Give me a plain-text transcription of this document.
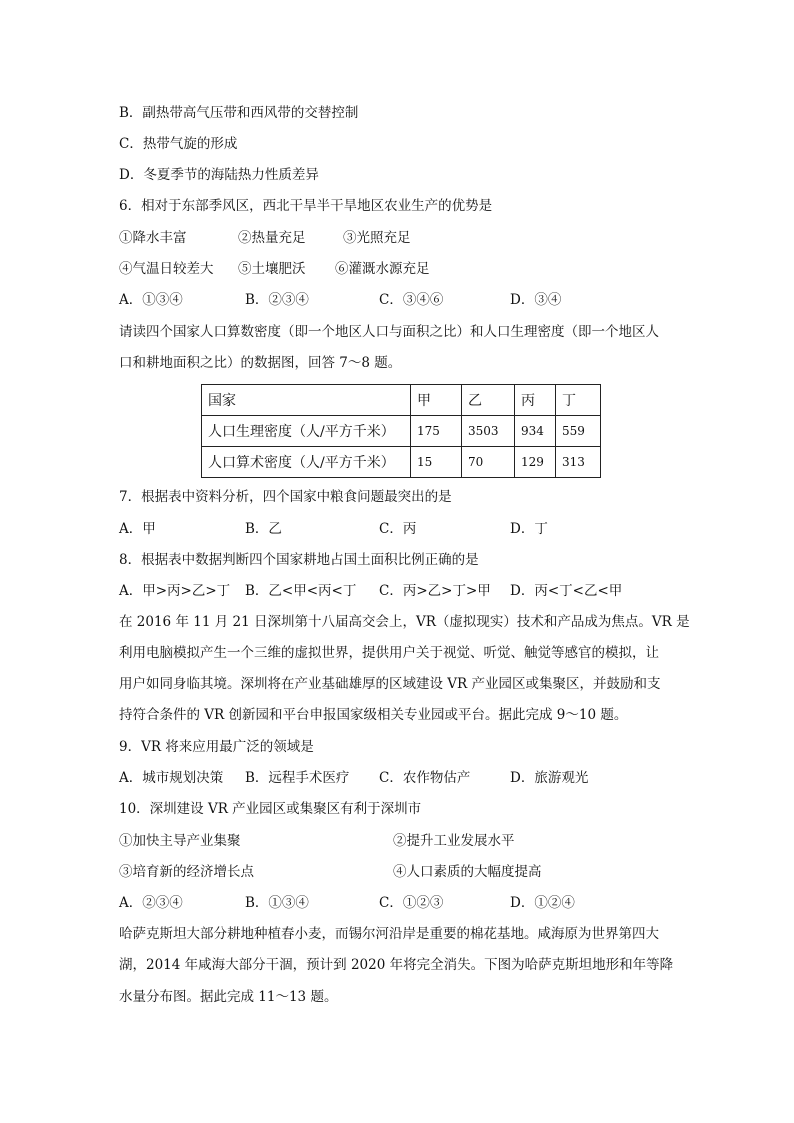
B．副热带高气压带和西风带的交替控制
C．热带气旋的形成
D．冬夏季节的海陆热力性质差异
6．相对于东部季风区，西北干旱半干旱地区农业生产的优势是
①降水丰富	②热量充足	③光照充足
④气温日较差大 ⑤土壤肥沃 ⑥灌溉水源充足
A．①③④	B．②③④	C．③④⑥	D．③④
请读四个国家人口算数密度（即一个地区人口与面积之比）和人口生理密度（即一个地区人
口和耕地面积之比）的数据图，回答 7～8 题。
国家	甲	乙	丙	丁
人口生理密度（人/平方千米）	175	3503	934	559
人口算术密度（人/平方千米）	15	70	129	313
7．根据表中资料分析，四个国家中粮食问题最突出的是
A．甲	B．乙	C．丙	D．丁
8．根据表中数据判断四个国家耕地占国土面积比例正确的是
A．甲>丙>乙>丁 B．乙<甲<丙<丁 C．丙>乙>丁>甲 D．丙<丁<乙<甲
在 2016 年 11 月 21 日深圳第十八届高交会上，VR（虚拟现实）技术和产品成为焦点。VR 是
利用电脑模拟产生一个三维的虚拟世界，提供用户关于视觉、听觉、触觉等感官的模拟，让
用户如同身临其境。深圳将在产业基础雄厚的区域建设 VR 产业园区或集聚区，并鼓励和支
持符合条件的 VR 创新园和平台申报国家级相关专业园或平台。据此完成 9～10 题。
9．VR 将来应用最广泛的领域是
A．城市规划决策 B．远程手术医疗 C．农作物估产	D．旅游观光
10．深圳建设 VR 产业园区或集聚区有利于深圳市
①加快主导产业集聚	②提升工业发展水平
③培育新的经济增长点	④人口素质的大幅度提高
A．②③④	B．①③④	C．①②③	D．①②④
哈萨克斯坦大部分耕地种植春小麦，而锡尔河沿岸是重要的棉花基地。咸海原为世界第四大
湖，2014 年咸海大部分干涸，预计到 2020 年将完全消失。下图为哈萨克斯坦地形和年等降
水量分布图。据此完成 11～13 题。
